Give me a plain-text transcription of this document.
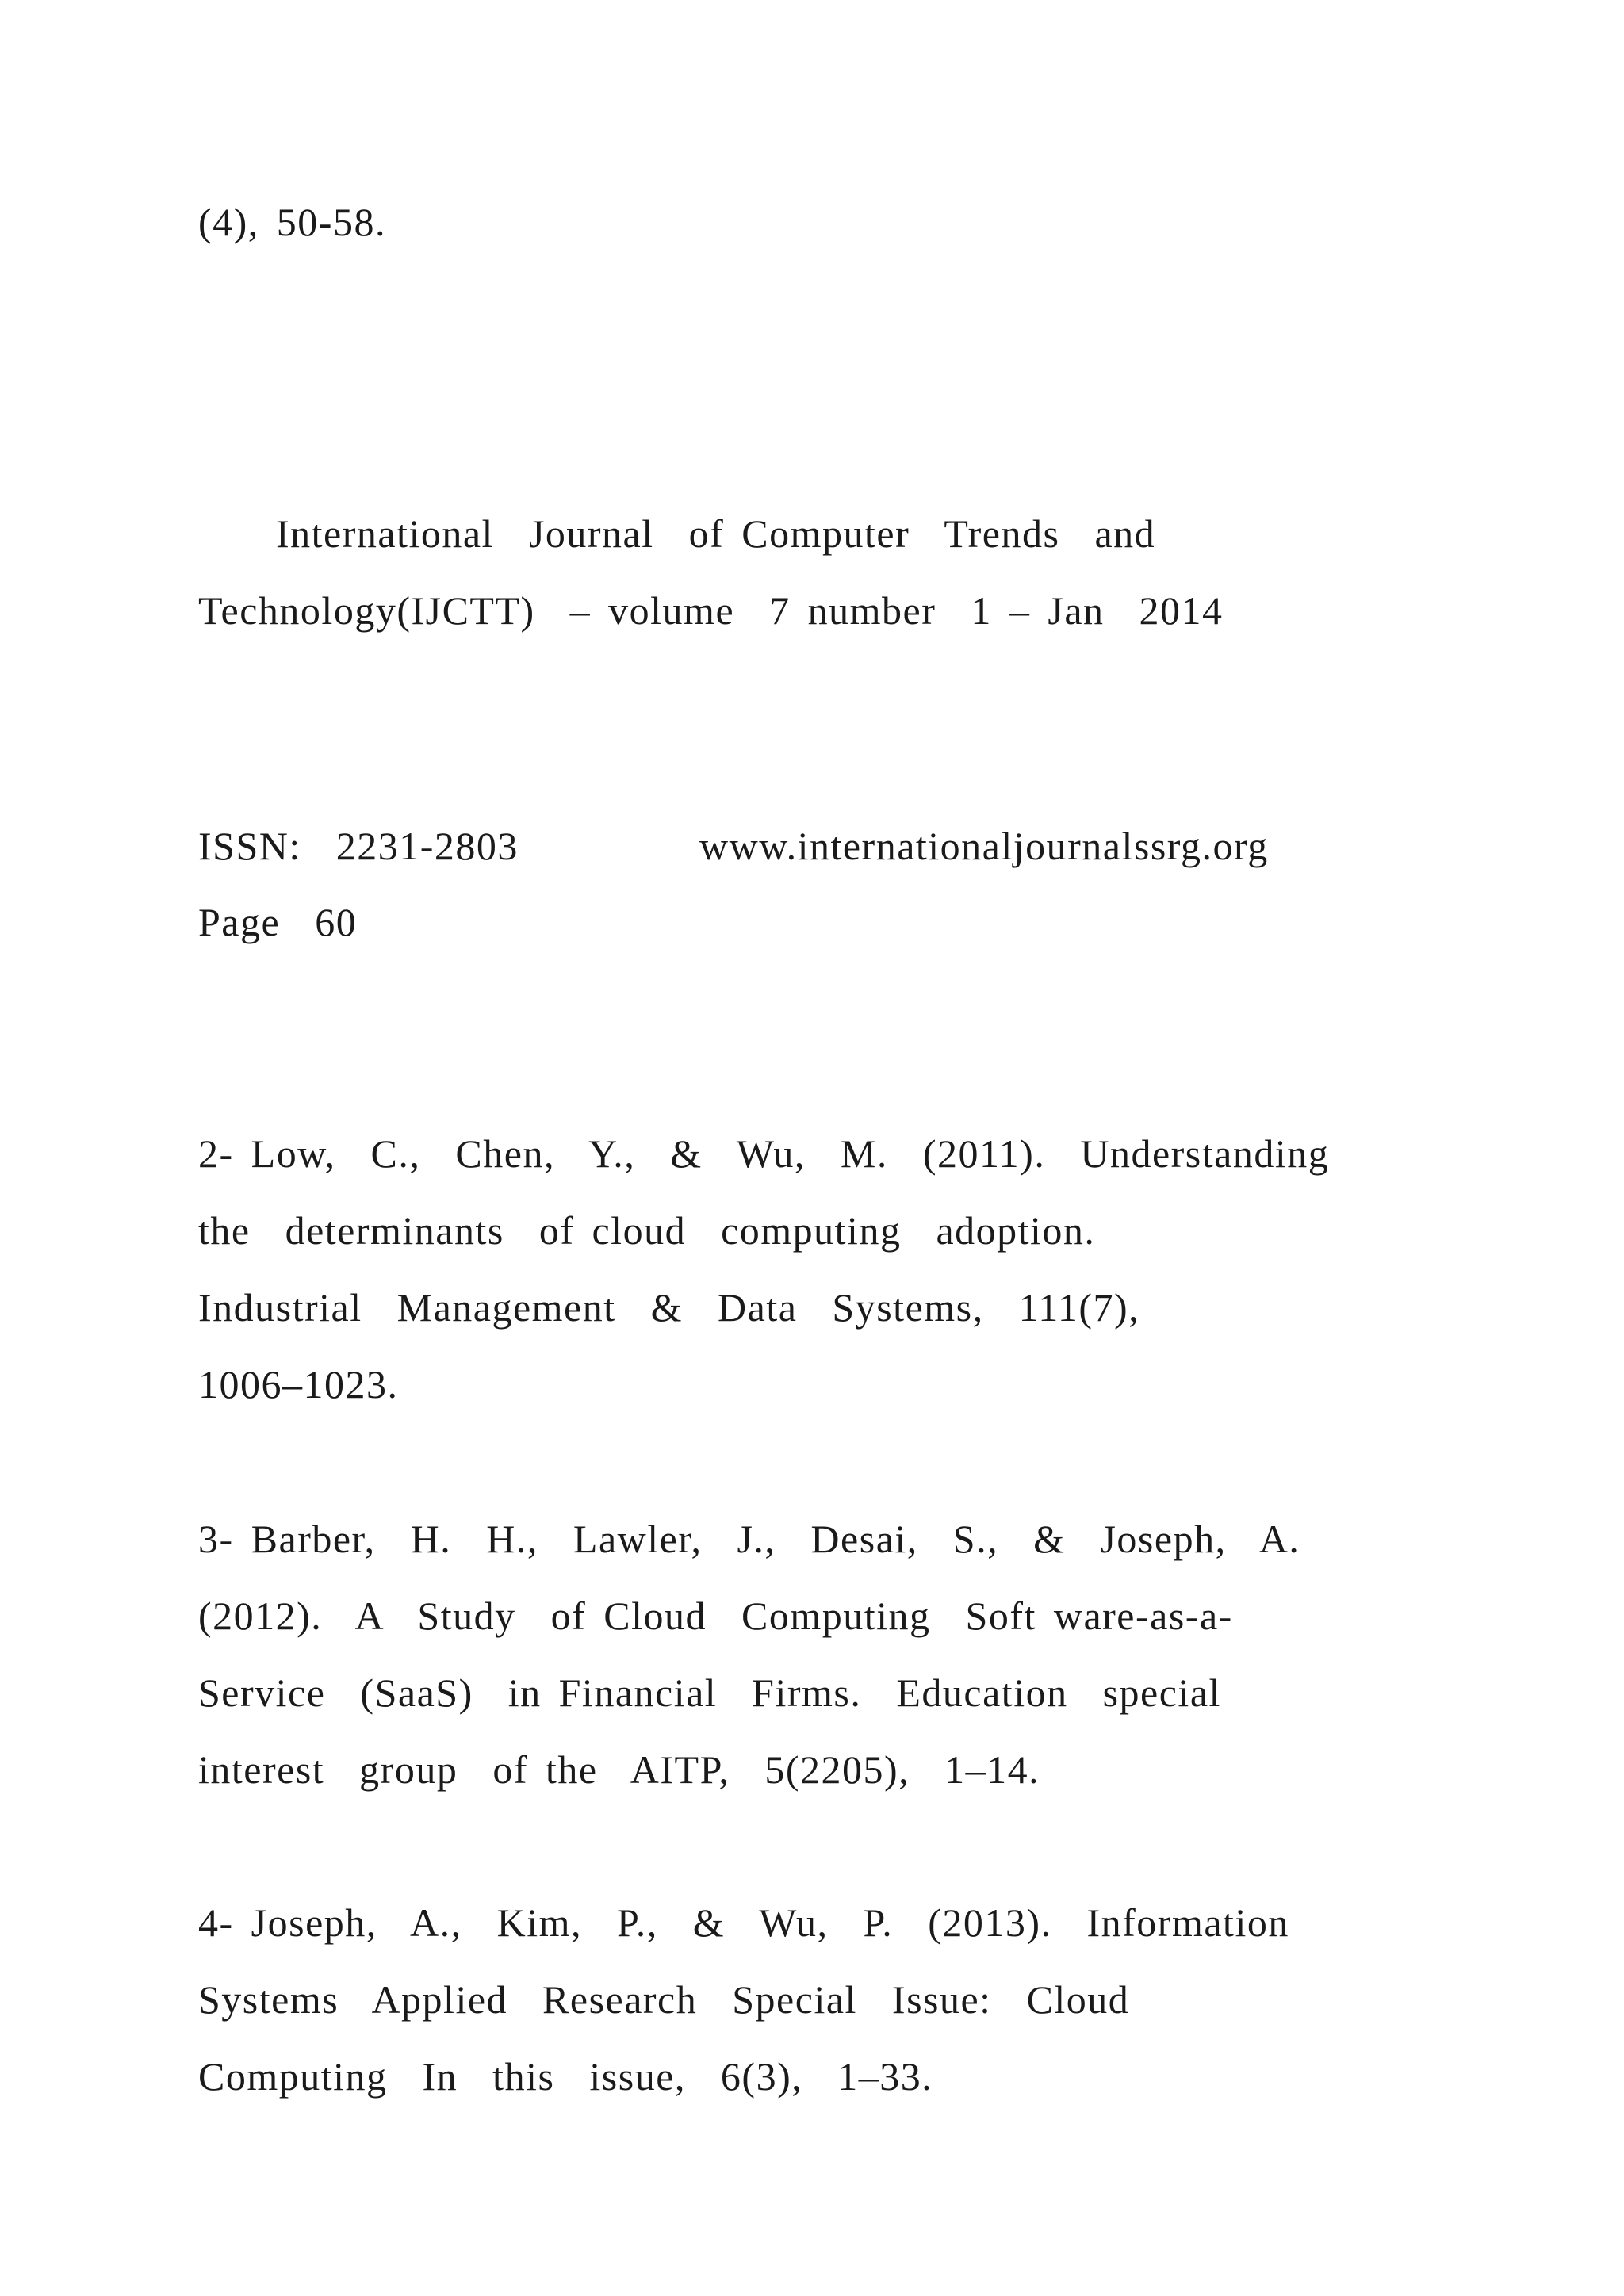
(4), 50-58.
International  Journal  of Computer  Trends  and
Technology(IJCTT)  – volume  7 number  1 – Jan  2014
ISSN:  2231-2803	www.internationaljournalssrg.org
Page  60
2- Low,  C.,  Chen,  Y.,  &  Wu,  M.  (2011).  Understanding
the  determinants  of cloud  computing  adoption.
Industrial  Management  &  Data  Systems,  111(7),
1006–1023.
3- Barber,  H.  H.,  Lawler,  J.,  Desai,  S.,  &  Joseph,  A.
(2012).  A  Study  of Cloud  Computing  Soft ware-as-a-
Service  (SaaS)  in Financial  Firms.  Education  special
interest  group  of the  AITP,  5(2205),  1–14.
4- Joseph,  A.,  Kim,  P.,  &  Wu,  P.  (2013).  Information
Systems  Applied  Research  Special  Issue:  Cloud
Computing  In  this  issue,  6(3),  1–33.
